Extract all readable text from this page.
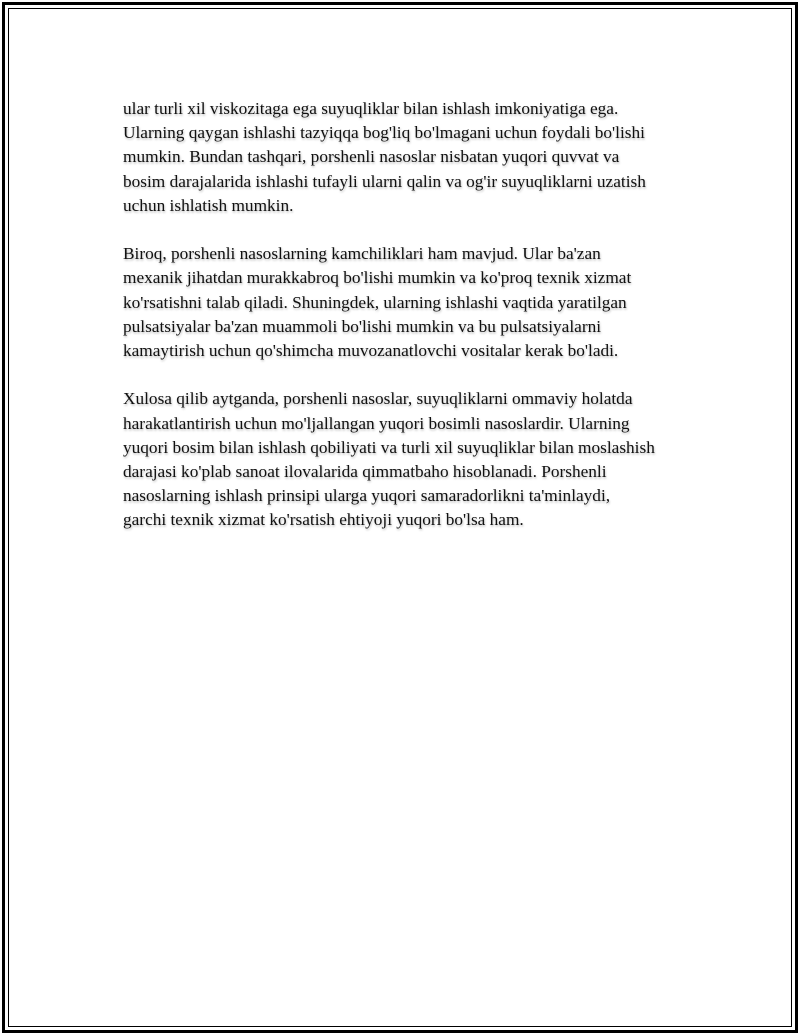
ular turli xil viskozitaga ega suyuqliklar bilan ishlash imkoniyatiga ega.
Ularning qaygan ishlashi tazyiqqa bog'liq bo'lmagani uchun foydali bo'lishi
mumkin. Bundan tashqari, porshenli nasoslar nisbatan yuqori quvvat va
bosim darajalarida ishlashi tufayli ularni qalin va og'ir suyuqliklarni uzatish
uchun ishlatish mumkin.

Biroq, porshenli nasoslarning kamchiliklari ham mavjud. Ular ba'zan
mexanik jihatdan murakkabroq bo'lishi mumkin va ko'proq texnik xizmat
ko'rsatishni talab qiladi. Shuningdek, ularning ishlashi vaqtida yaratilgan
pulsatsiyalar ba'zan muammoli bo'lishi mumkin va bu pulsatsiyalarni
kamaytirish uchun qo'shimcha muvozanatlovchi vositalar kerak bo'ladi.

Xulosa qilib aytganda, porshenli nasoslar, suyuqliklarni ommaviy holatda
harakatlantirish uchun mo'ljallangan yuqori bosimli nasoslardir. Ularning
yuqori bosim bilan ishlash qobiliyati va turli xil suyuqliklar bilan moslashish
darajasi ko'plab sanoat ilovalarida qimmatbaho hisoblanadi. Porshenli
nasoslarning ishlash prinsipi ularga yuqori samaradorlikni ta'minlaydi,
garchi texnik xizmat ko'rsatish ehtiyoji yuqori bo'lsa ham.
